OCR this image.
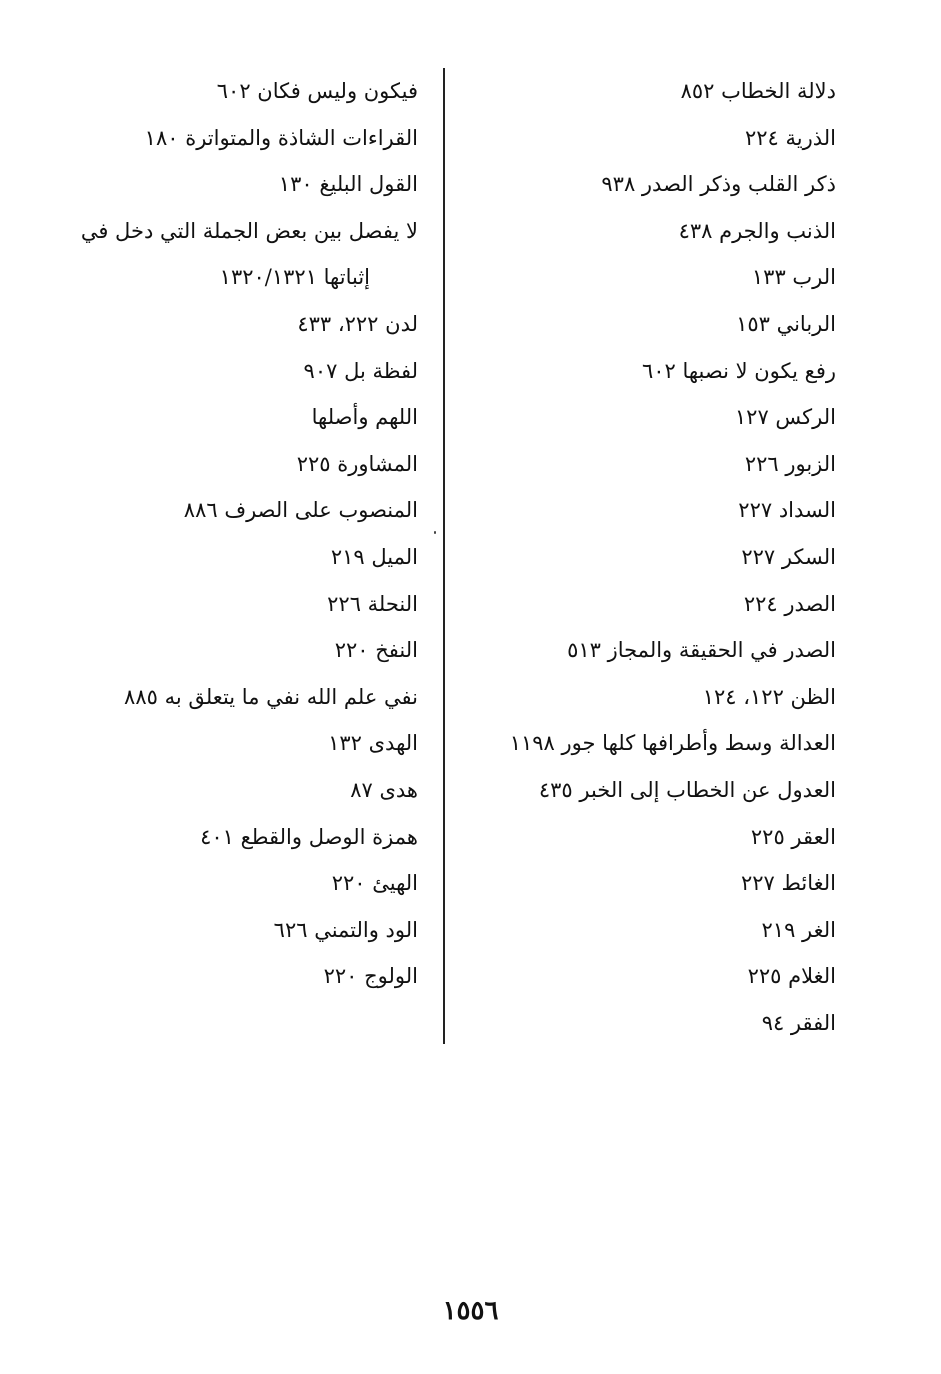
دلالة الخطاب ٨٥٢
الذرية ٢٢٤
ذكر القلب وذكر الصدر ٩٣٨
الذنب والجرم ٤٣٨
الرب ١٣٣
الرباني ١٥٣
رفع يكون لا نصبها ٦٠٢
الركس ١٢٧
الزبور ٢٢٦
السداد ٢٢٧
السكر ٢٢٧
الصدر ٢٢٤
الصدر في الحقيقة والمجاز ٥١٣
الظن ١٢٢، ١٢٤
العدالة وسط وأطرافها كلها جور ١١٩٨
العدول عن الخطاب إلى الخبر ٤٣٥
العقر ٢٢٥
الغائط ٢٢٧
الغر ٢١٩
الغلام ٢٢٥
الفقر ٩٤
فيكون وليس فكان ٦٠٢
القراءات الشاذة والمتواترة ١٨٠
القول البليغ ١٣٠
لا يفصل بين بعض الجملة التي دخل في
إثباتها ١٣٢٠/١٣٢١
لدن ٢٢٢، ٤٣٣
لفظة بل ٩٠٧
اللهم وأصلها
المشاورة ٢٢٥
المنصوب على الصرف ٨٨٦
الميل ٢١٩
النحلة ٢٢٦
النفخ ٢٢٠
نفي علم الله نفي ما يتعلق به ٨٨٥
الهدى ١٣٢
هدى ٨٧
همزة الوصل والقطع ٤٠١
الهيئ ٢٢٠
الود والتمني ٦٢٦
الولوج ٢٢٠
١٥٥٦
